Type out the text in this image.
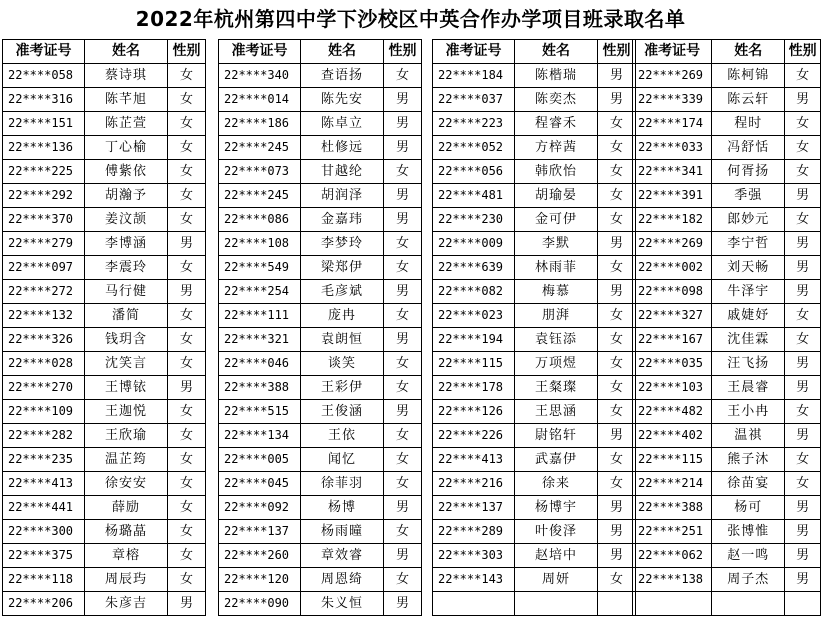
2022年杭州第四中学下沙校区中英合作办学项目班录取名单
准考证号	姓名	性别
22****058	蔡诗琪	女
22****316	陈芊旭	女
22****151	陈芷萱	女
22****136	丁心榆	女
22****225	傅紫依	女
22****292	胡瀚予	女
22****370	姜汶颉	女
22****279	李博涵	男
22****097	李震玲	女
22****272	马行健	男
22****132	潘简	女
22****326	钱玥含	女
22****028	沈笑言	女
22****270	王博铱	男
22****109	王迦悦	女
22****282	王欣瑜	女
22****235	温芷筠	女
22****413	徐安安	女
22****441	薛励	女
22****300	杨璐蕌	女
22****375	章榕	女
22****118	周辰玙	女
22****206	朱彦吉	男
准考证号	姓名	性别
22****340	查语扬	女
22****014	陈先安	男
22****186	陈卓立	男
22****245	杜修远	男
22****073	甘越纶	女
22****245	胡润泽	男
22****086	金嘉玮	男
22****108	李梦玲	女
22****549	梁郑伊	女
22****254	毛彦斌	男
22****111	庞冉	女
22****321	袁朗恒	男
22****046	谈笑	女
22****388	王彩伊	女
22****515	王俊涵	男
22****134	王依	女
22****005	闻忆	女
22****045	徐菲羽	女
22****092	杨博	男
22****137	杨雨曈	女
22****260	章效睿	男
22****120	周恩绮	女
22****090	朱义恒	男
准考证号	姓名	性别
22****184	陈楷瑞	男
22****037	陈奕杰	男
22****223	程睿禾	女
22****052	方梓茜	女
22****056	韩欣怡	女
22****481	胡瑜晏	女
22****230	金可伊	女
22****009	李默	男
22****639	林雨菲	女
22****082	梅慕	男
22****023	朋湃	女
22****194	袁钰添	女
22****115	万项煜	女
22****178	王粲璨	女
22****126	王思涵	女
22****226	尉铭轩	男
22****413	武嘉伊	女
22****216	徐来	女
22****137	杨博宇	男
22****289	叶俊泽	男
22****303	赵培中	男
22****143	周妍	女

准考证号	姓名	性别
22****269	陈柯锦	女
22****339	陈云轩	男
22****174	程时	女
22****033	冯舒恬	女
22****341	何胥扬	女
22****391	季强	男
22****182	郎妙元	女
22****269	李宁哲	男
22****002	刘天畅	男
22****098	牛泽宇	男
22****327	戚婕妤	女
22****167	沈佳霖	女
22****035	汪飞扬	男
22****103	王晨睿	男
22****482	王小冉	女
22****402	温祺	男
22****115	熊子沐	女
22****214	徐苗宴	女
22****388	杨可	男
22****251	张博惟	男
22****062	赵一鸣	男
22****138	周子杰	男
